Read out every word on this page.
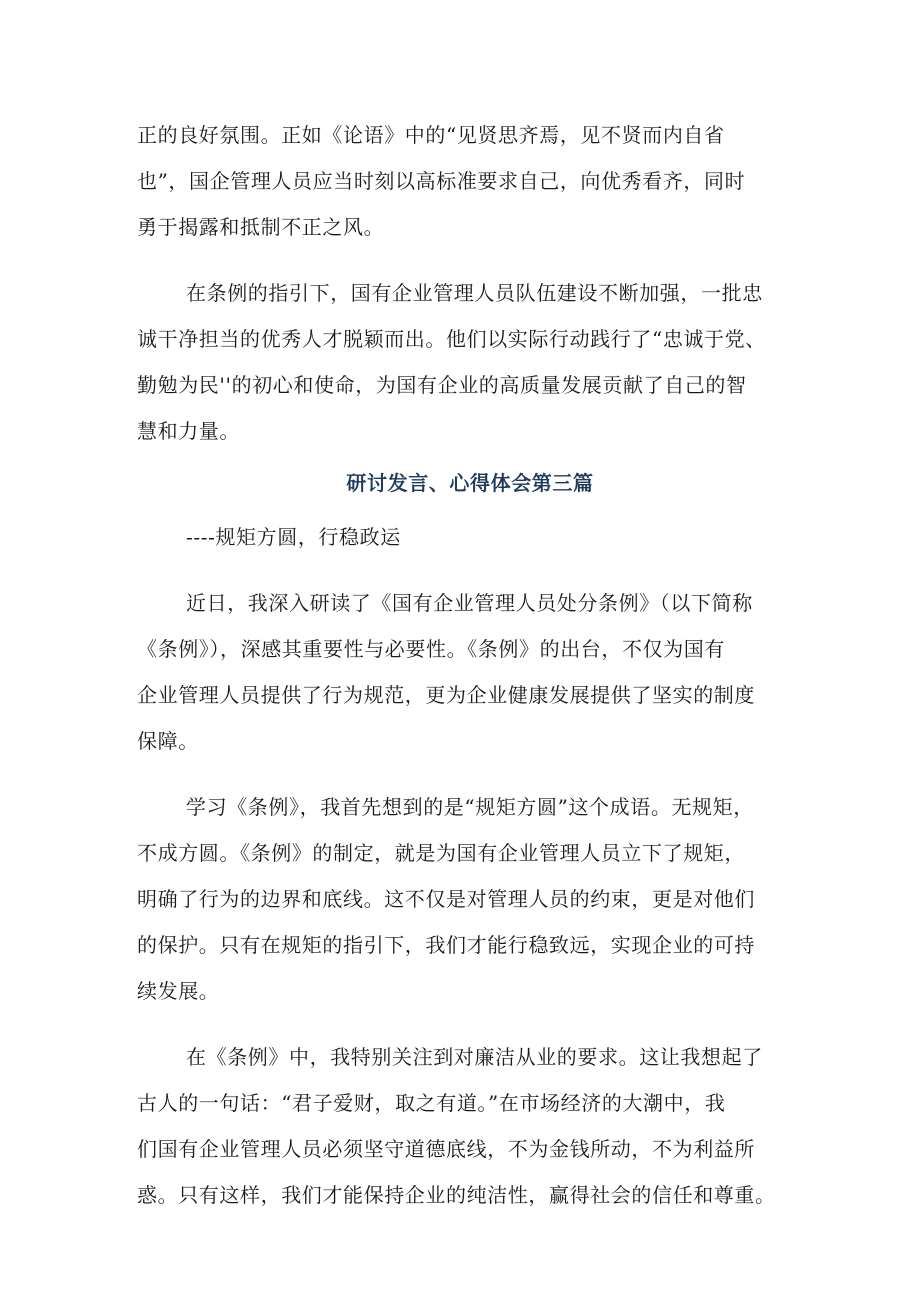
正的良好氛围。正如《论语》中的“见贤思齐焉，见不贤而内自省
也”，国企管理人员应当时刻以高标准要求自己，向优秀看齐，同时
勇于揭露和抵制不正之风。
在条例的指引下，国有企业管理人员队伍建设不断加强，一批忠
诚干净担当的优秀人才脱颖而出。他们以实际行动践行了“忠诚于党、
勤勉为民''的初心和使命，为国有企业的高质量发展贡献了自己的智
慧和力量。
研讨发言、心得体会第三篇
----规矩方圆，行稳政运
近日，我深入研读了《国有企业管理人员处分条例》（以下简称
《条例》），深感其重要性与必要性。《条例》的出台，不仅为国有
企业管理人员提供了行为规范，更为企业健康发展提供了坚实的制度
保障。
学习《条例》，我首先想到的是“规矩方圆”这个成语。无规矩，
不成方圆。《条例》的制定，就是为国有企业管理人员立下了规矩，
明确了行为的边界和底线。这不仅是对管理人员的约束，更是对他们
的保护。只有在规矩的指引下，我们才能行稳致远，实现企业的可持
续发展。
在《条例》中，我特别关注到对廉洁从业的要求。这让我想起了
古人的一句话：“君子爱财，取之有道。”在市场经济的大潮中，我
们国有企业管理人员必须坚守道德底线，不为金钱所动，不为利益所
惑。只有这样，我们才能保持企业的纯洁性，赢得社会的信任和尊重。
